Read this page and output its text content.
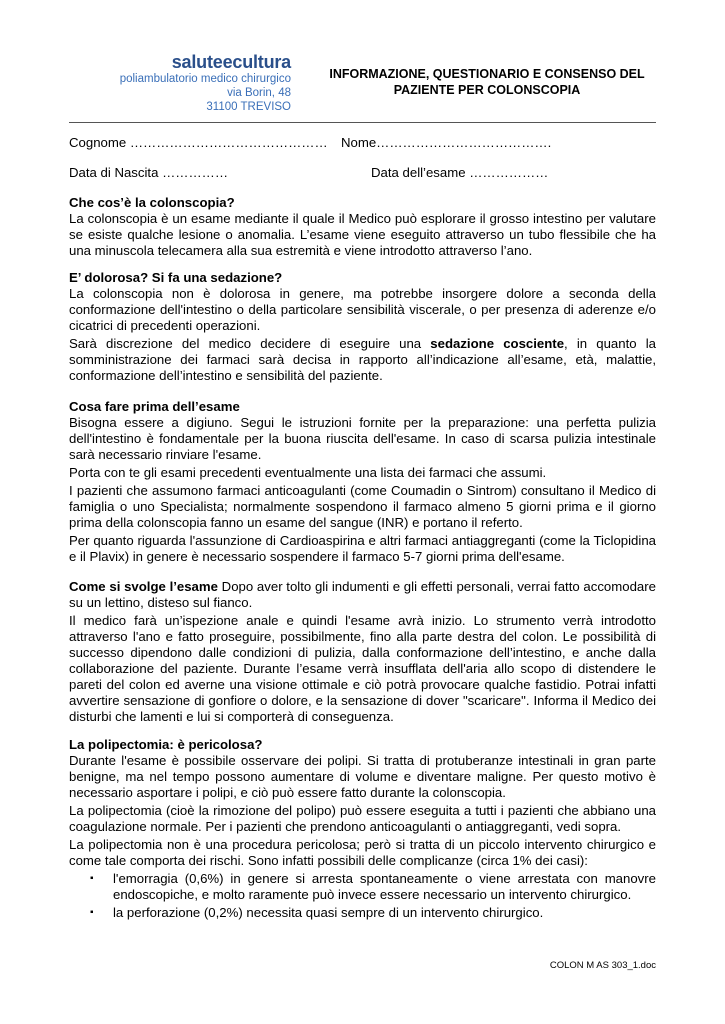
saluteecultura
poliambulatorio medico chirurgico
via Borin, 48
31100 TREVISO
INFORMAZIONE, QUESTIONARIO E CONSENSO DEL
PAZIENTE PER COLONSCOPIA
Cognome ……………………………………… Nome………………………………….
Data di Nascita ……………	Data dell’esame ………………
Che cos’è la colonscopia?

La colonscopia è un esame mediante il quale il Medico può esplorare il grosso intestino per valutare se esiste qualche lesione o anomalia. L’esame viene eseguito attraverso un tubo flessibile che ha una minuscola telecamera alla sua estremità e viene introdotto attraverso l’ano.

E’ dolorosa? Si fa una sedazione?

La colonscopia non è dolorosa in genere, ma potrebbe insorgere dolore a seconda della conformazione dell'intestino o della particolare sensibilità viscerale, o per presenza di aderenze e/o cicatrici di precedenti operazioni.

Sarà discrezione del medico decidere di eseguire una sedazione cosciente, in quanto la somministrazione dei farmaci sarà decisa in rapporto all’indicazione all’esame, età, malattie, conformazione dell’intestino e sensibilità del paziente.

Cosa fare prima dell’esame

Bisogna essere a digiuno. Segui le istruzioni fornite per la preparazione: una perfetta pulizia dell'intestino è fondamentale per la buona riuscita dell'esame. In caso di scarsa pulizia intestinale sarà necessario rinviare l'esame.

Porta con te gli esami precedenti eventualmente una lista dei farmaci che assumi.

I pazienti che assumono farmaci anticoagulanti (come Coumadin o Sintrom) consultano il Medico di famiglia o uno Specialista; normalmente sospendono il farmaco almeno 5 giorni prima e il giorno prima della colonscopia fanno un esame del sangue (INR) e portano il referto.

Per quanto riguarda l'assunzione di Cardioaspirina e altri farmaci antiaggreganti (come la Ticlopidina e il Plavix) in genere è necessario sospendere il farmaco 5-7 giorni prima dell'esame.

Come si svolge l’esame Dopo aver tolto gli indumenti e gli effetti personali, verrai fatto accomodare su un lettino, disteso sul fianco.

Il medico farà un’ispezione anale e quindi l'esame avrà inizio. Lo strumento verrà introdotto attraverso l'ano e fatto proseguire, possibilmente, fino alla parte destra del colon. Le possibilità di successo dipendono dalle condizioni di pulizia, dalla conformazione dell’intestino, e anche dalla collaborazione del paziente. Durante l’esame verrà insufflata dell'aria allo scopo di distendere le pareti del colon ed averne una visione ottimale e ciò potrà provocare qualche fastidio. Potrai infatti avvertire sensazione di gonfiore o dolore, e la sensazione di dover "scaricare". Informa il Medico dei disturbi che lamenti e lui si comporterà di conseguenza.

La polipectomia: è pericolosa?

Durante l'esame è possibile osservare dei polipi. Si tratta di protuberanze intestinali in gran parte benigne, ma nel tempo possono aumentare di volume e diventare maligne. Per questo motivo è necessario asportare i polipi, e ciò può essere fatto durante la colonscopia.

La polipectomia (cioè la rimozione del polipo) può essere eseguita a tutti i pazienti che abbiano una coagulazione normale. Per i pazienti che prendono anticoagulanti o antiaggreganti, vedi sopra.

La polipectomia non è una procedura pericolosa; però si tratta di un piccolo intervento chirurgico e come tale comporta dei rischi. Sono infatti possibili delle complicanze (circa 1% dei casi):

▪ l'emorragia (0,6%) in genere si arresta spontaneamente o viene arrestata con manovre endoscopiche, e molto raramente può invece essere necessario un intervento chirurgico.
▪ la perforazione (0,2%) necessita quasi sempre di un intervento chirurgico.
COLON M AS 303_1.doc
